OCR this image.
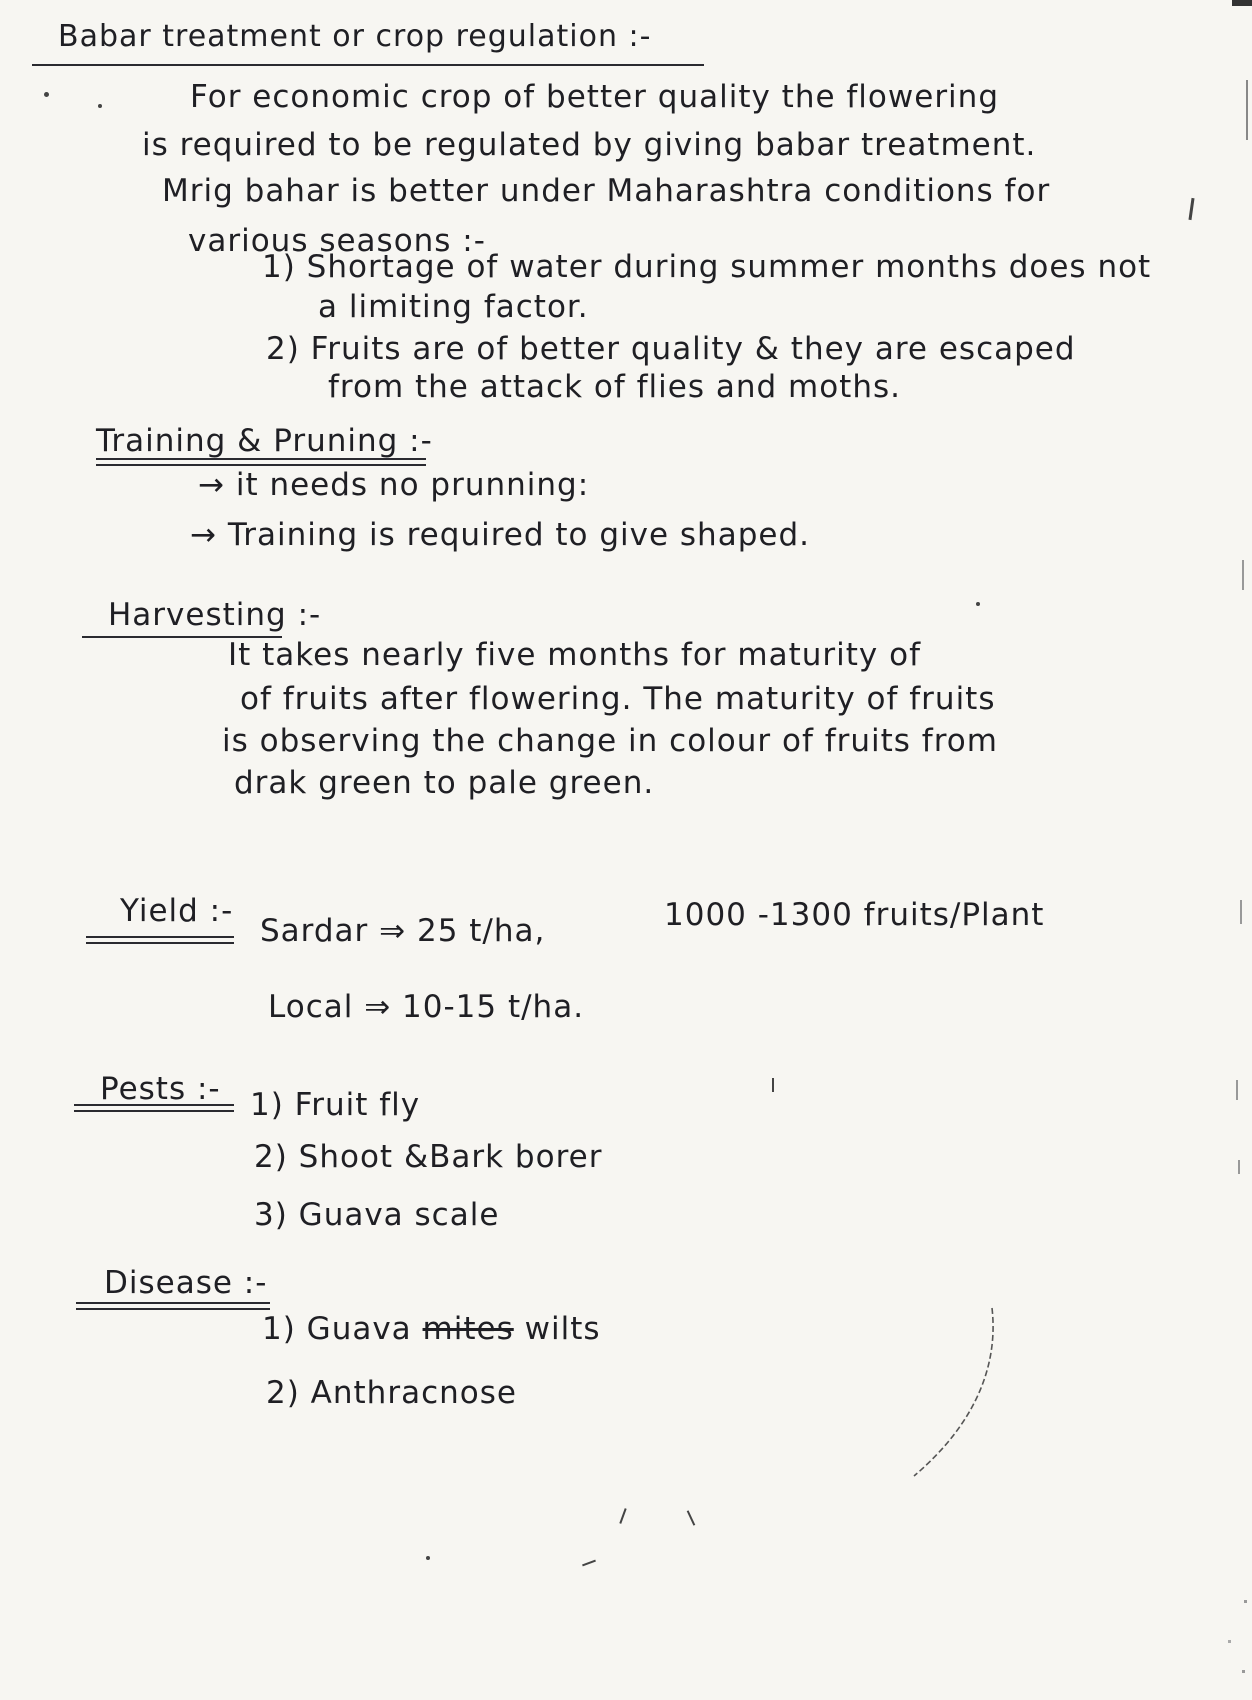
Babar treatment or crop regulation :-
For economic crop of better quality the flowering
is required to be regulated by giving babar treatment.
Mrig bahar is better under Maharashtra conditions for
various seasons :-
1) Shortage of water during summer months does not
a limiting factor.
2) Fruits are of better quality & they are escaped
from the attack of flies and moths.
Training & Pruning :-
→ it needs no prunning:
→ Training is required to give shaped.
Harvesting :-
It takes nearly five months for maturity of
of fruits after flowering. The maturity of fruits
is observing the change in colour of fruits from
drak green to pale green.
Yield :-
Sardar ⇒ 25 t/ha,	1000 -1300 fruits/Plant
Local ⇒ 10-15 t/ha.
Pests :- 1) Fruit fly
2) Shoot &Bark borer
3) Guava scale
Disease :-
1) Guava mites wilts
2) Anthracnose
